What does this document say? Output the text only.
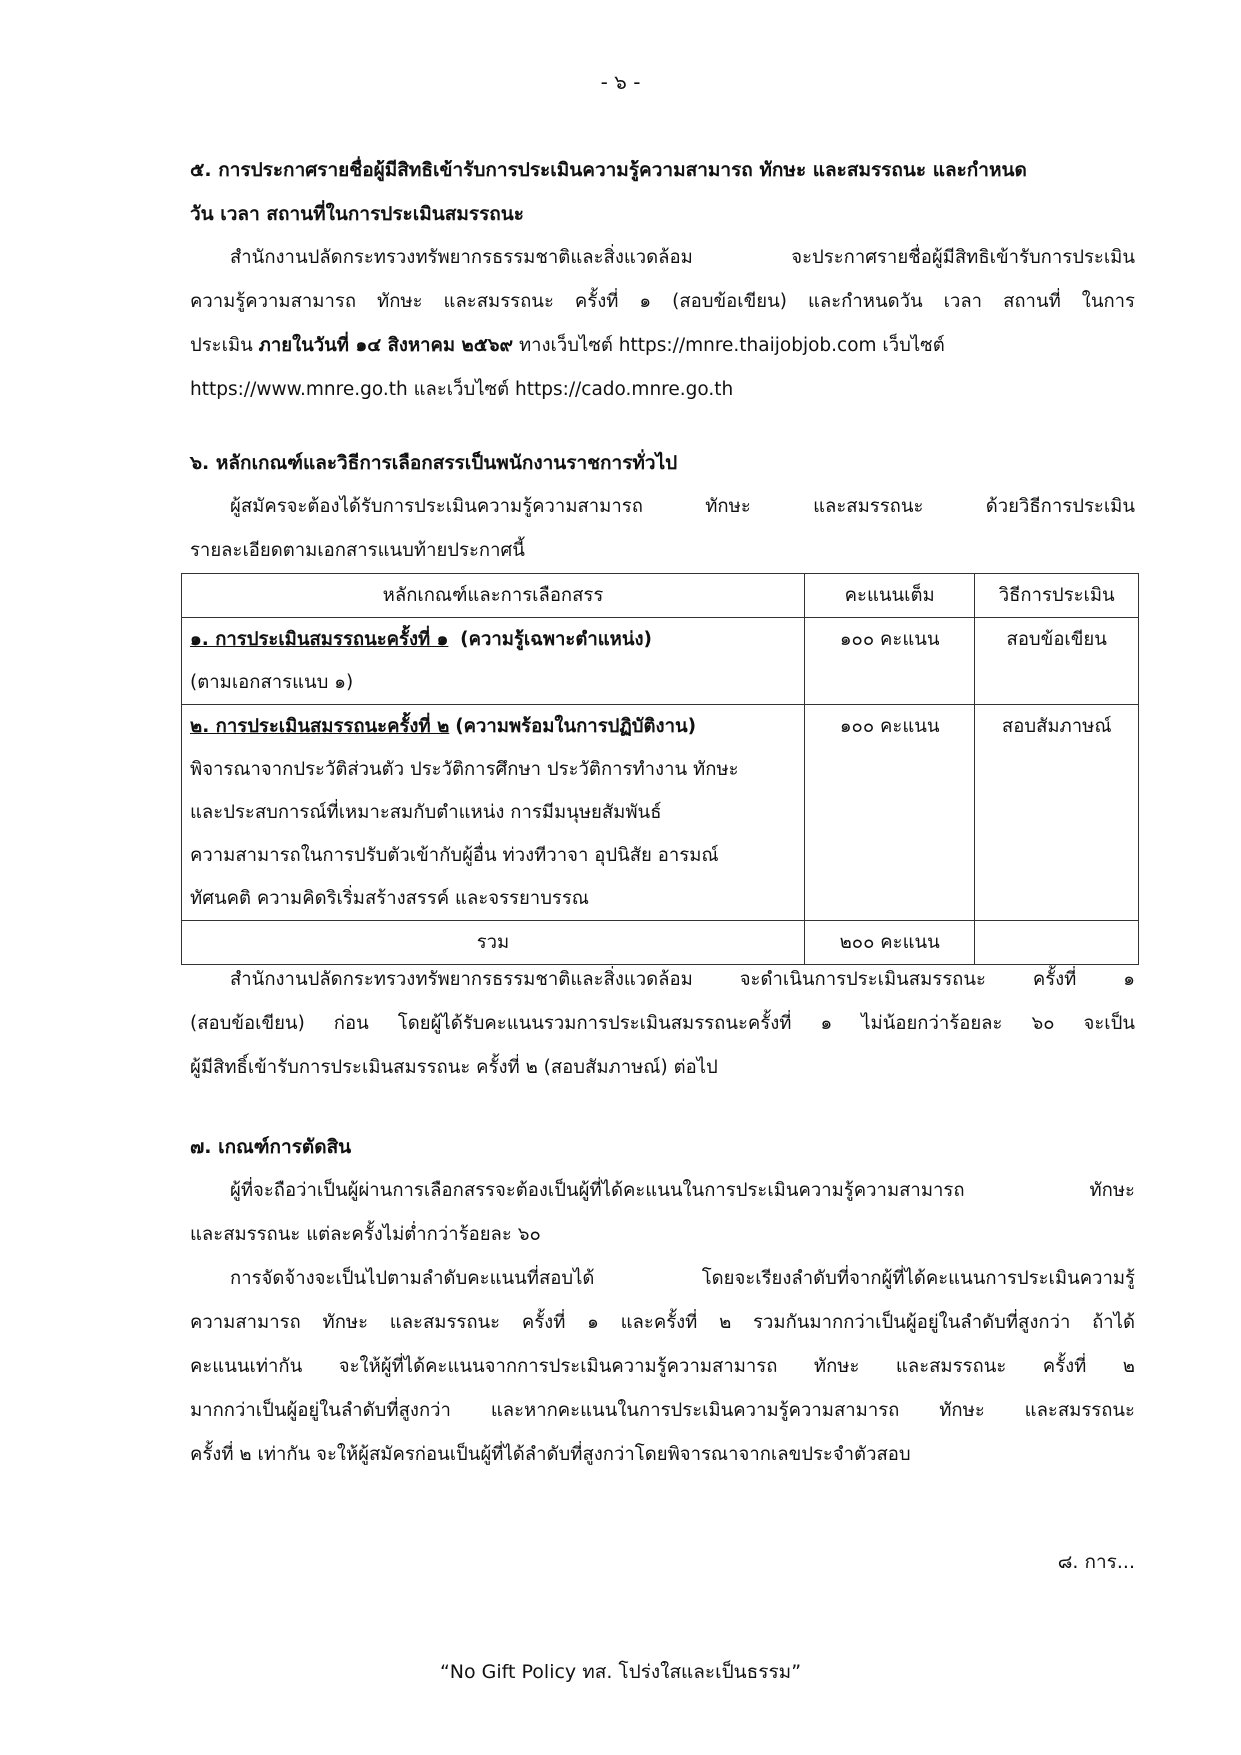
- ๖ -
๕. การประกาศรายชื่อผู้มีสิทธิเข้ารับการประเมินความรู้ความสามารถ ทักษะ และสมรรถนะ และกำหนด
วัน เวลา สถานที่ในการประเมินสมรรถนะ
สำนักงานปลัดกระทรวงทรัพยากรธรรมชาติและสิ่งแวดล้อม จะประกาศรายชื่อผู้มีสิทธิเข้ารับการประเมิน
ความรู้ความสามารถ ทักษะ และสมรรถนะ ครั้งที่ ๑ (สอบข้อเขียน) และกำหนดวัน เวลา สถานที่ ในการ
ประเมิน ภายในวันที่ ๑๔ สิงหาคม ๒๕๖๙ ทางเว็บไซต์ https://mnre.thaijobjob.com เว็บไซต์
https://www.mnre.go.th และเว็บไซต์ https://cado.mnre.go.th
๖. หลักเกณฑ์และวิธีการเลือกสรรเป็นพนักงานราชการทั่วไป
ผู้สมัครจะต้องได้รับการประเมินความรู้ความสามารถ ทักษะ และสมรรถนะ ด้วยวิธีการประเมิน
รายละเอียดตามเอกสารแนบท้ายประกาศนี้
หลักเกณฑ์และการเลือกสรร	คะแนนเต็ม	วิธีการประเมิน

๑. การประเมินสมรรถนะครั้งที่ ๑ (ความรู้เฉพาะตำแหน่ง)
(ตามเอกสารแนบ ๑)	๑๐๐ คะแนน	สอบข้อเขียน

๒. การประเมินสมรรถนะครั้งที่ ๒ (ความพร้อมในการปฏิบัติงาน)
พิจารณาจากประวัติส่วนตัว ประวัติการศึกษา ประวัติการทำงาน ทักษะ
และประสบการณ์ที่เหมาะสมกับตำแหน่ง การมีมนุษยสัมพันธ์
ความสามารถในการปรับตัวเข้ากับผู้อื่น ท่วงทีวาจา อุปนิสัย อารมณ์
ทัศนคติ ความคิดริเริ่มสร้างสรรค์ และจรรยาบรรณ	๑๐๐ คะแนน	สอบสัมภาษณ์
รวม	๒๐๐ คะแนน	
สำนักงานปลัดกระทรวงทรัพยากรธรรมชาติและสิ่งแวดล้อม จะดำเนินการประเมินสมรรถนะ ครั้งที่ ๑
(สอบข้อเขียน) ก่อน โดยผู้ได้รับคะแนนรวมการประเมินสมรรถนะครั้งที่ ๑ ไม่น้อยกว่าร้อยละ ๖๐ จะเป็น
ผู้มีสิทธิ์เข้ารับการประเมินสมรรถนะ ครั้งที่ ๒ (สอบสัมภาษณ์) ต่อไป
๗. เกณฑ์การตัดสิน
ผู้ที่จะถือว่าเป็นผู้ผ่านการเลือกสรรจะต้องเป็นผู้ที่ได้คะแนนในการประเมินความรู้ความสามารถ ทักษะ
และสมรรถนะ แต่ละครั้งไม่ต่ำกว่าร้อยละ ๖๐
การจัดจ้างจะเป็นไปตามลำดับคะแนนที่สอบได้ โดยจะเรียงลำดับที่จากผู้ที่ได้คะแนนการประเมินความรู้
ความสามารถ ทักษะ และสมรรถนะ ครั้งที่ ๑ และครั้งที่ ๒ รวมกันมากกว่าเป็นผู้อยู่ในลำดับที่สูงกว่า ถ้าได้
คะแนนเท่ากัน จะให้ผู้ที่ได้คะแนนจากการประเมินความรู้ความสามารถ ทักษะ และสมรรถนะ ครั้งที่ ๒
มากกว่าเป็นผู้อยู่ในลำดับที่สูงกว่า และหากคะแนนในการประเมินความรู้ความสามารถ ทักษะ และสมรรถนะ
ครั้งที่ ๒ เท่ากัน จะให้ผู้สมัครก่อนเป็นผู้ที่ได้ลำดับที่สูงกว่าโดยพิจารณาจากเลขประจำตัวสอบ
๘. การ...
“No Gift Policy ทส. โปร่งใสและเป็นธรรม”
